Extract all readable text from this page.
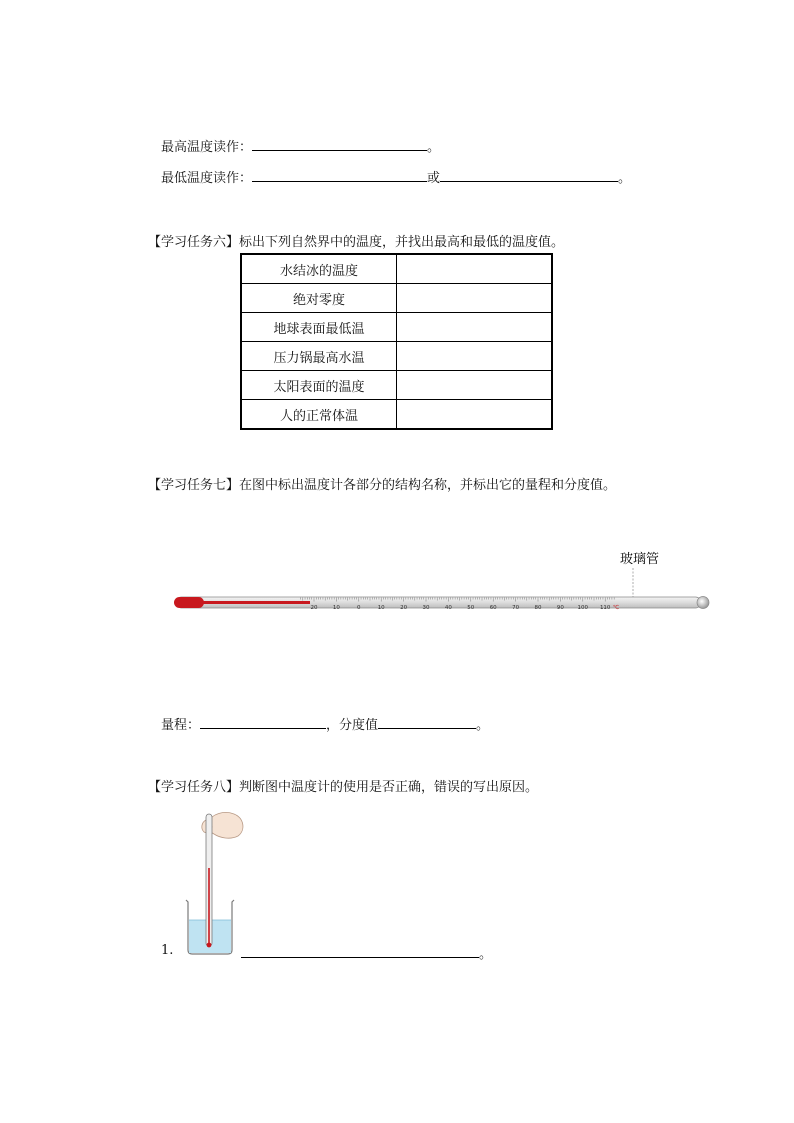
最高温度读作：	。
最低温度读作：	或	。
【学习任务六】标出下列自然界中的温度，并找出最高和最低的温度值。
水结冰的温度	
绝对零度	
地球表面最低温	
压力锅最高水温	
太阳表面的温度	
人的正常体温	
【学习任务七】在图中标出温度计各部分的结构名称，并标出它的量程和分度值。
玻璃管
20	10	0	10	20	30	40	50	60	70	80	90 100 110 ℃
量程：	，分度值	。
【学习任务八】判断图中温度计的使用是否正确，错误的写出原因。
1.	。
